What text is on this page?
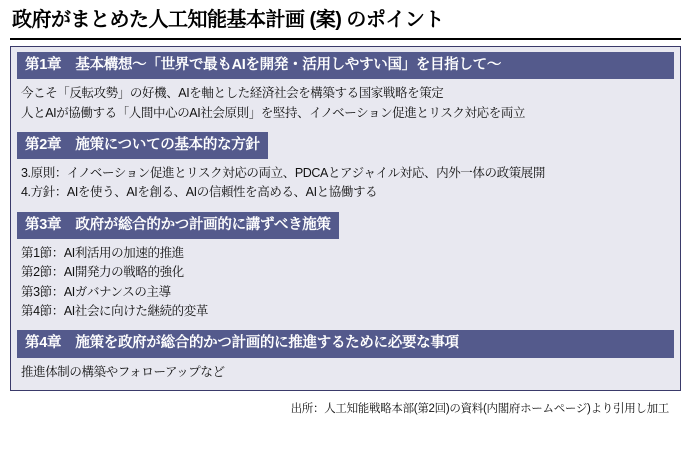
政府がまとめた人工知能基本計画 (案) のポイント
第1章　基本構想〜「世界で最もAIを開発・活用しやすい国」を目指して〜
今こそ「反転攻勢」の好機、AIを軸とした経済社会を構築する国家戦略を策定
人とAIが協働する「人間中心のAI社会原則」を堅持、イノベーション促進とリスク対応を両立
第2章　施策についての基本的な方針
3.原則：イノベーション促進とリスク対応の両立、PDCAとアジャイル対応、内外一体の政策展開
4.方針：AIを使う、AIを創る、AIの信頼性を高める、AIと協働する
第3章　政府が総合的かつ計画的に講ずべき施策
第1節：AI利活用の加速的推進
第2節：AI開発力の戦略的強化
第3節：AIガバナンスの主導
第4節：AI社会に向けた継続的変革
第4章　施策を政府が総合的かつ計画的に推進するために必要な事項
推進体制の構築やフォローアップなど
出所：人工知能戦略本部(第2回)の資料(内閣府ホームページ)より引用し加工
